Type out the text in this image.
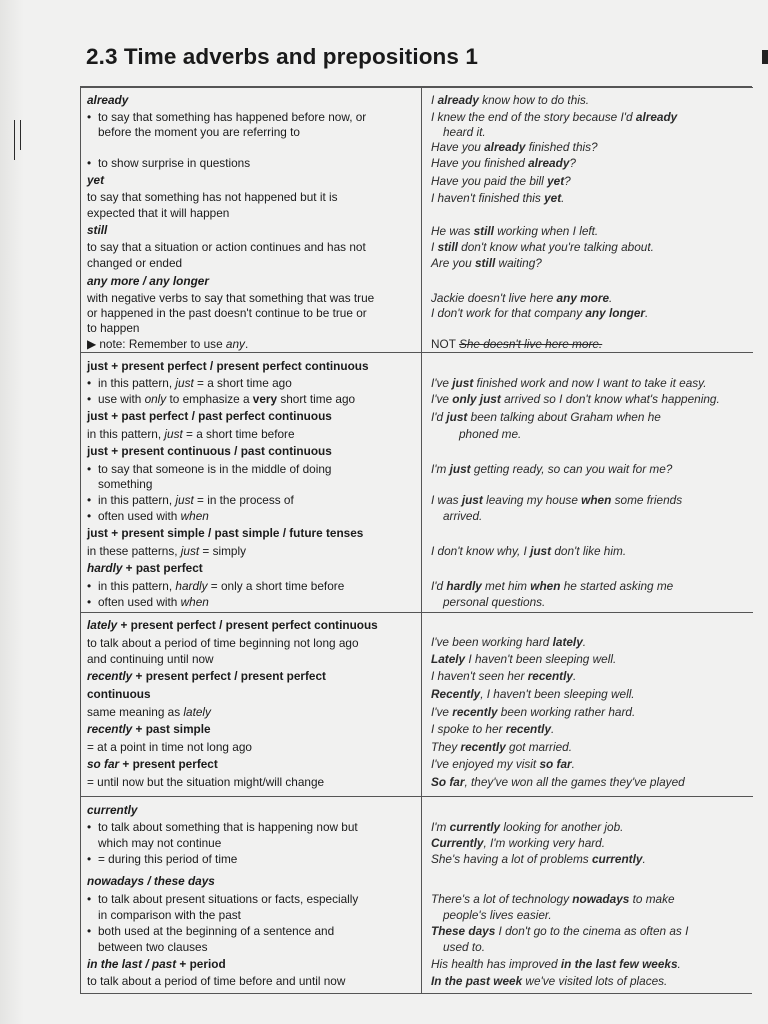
2.3 Time adverbs and prepositions 1
already
• to say that something has happened before now, or
before the moment you are referring to
• to show surprise in questions
I already know how to do this.
I knew the end of the story because I'd already
heard it.
Have you already finished this?
Have you finished already?
yet
to say that something has not happened but it is
expected that it will happen
Have you paid the bill yet?
I haven't finished this yet.
still
to say that a situation or action continues and has not
changed or ended
He was still working when I left.
I still don't know what you're talking about.
Are you still waiting?
any more / any longer
with negative verbs to say that something that was true
or happened in the past doesn't continue to be true or
to happen
▶ note: Remember to use any.
Jackie doesn't live here any more.
I don't work for that company any longer.
NOT She doesn't live here more.
just + present perfect / present perfect continuous
• in this pattern, just = a short time ago
• use with only to emphasize a very short time ago
I've just finished work and now I want to take it easy.
I've only just arrived so I don't know what's happening.
just + past perfect / past perfect continuous
in this pattern, just = a short time before
I'd just been talking about Graham when he
phoned me.
just + present continuous / past continuous
• to say that someone is in the middle of doing
something
• in this pattern, just = in the process of
• often used with when
I'm just getting ready, so can you wait for me?
I was just leaving my house when some friends
arrived.
just + present simple / past simple / future tenses
in these patterns, just = simply	I don't know why, I just don't like him.
hardly + past perfect
• in this pattern, hardly = only a short time before
• often used with when
I'd hardly met him when he started asking me
personal questions.
lately + present perfect / present perfect continuous
to talk about a period of time beginning not long ago
and continuing until now
I've been working hard lately.
Lately I haven't been sleeping well.
recently + present perfect / present perfect
continuous
same meaning as lately
I haven't seen her recently.
Recently, I haven't been sleeping well.
I've recently been working rather hard.
recently + past simple
= at a point in time not long ago
I spoke to her recently.
They recently got married.
so far + present perfect
= until now but the situation might/will change
I've enjoyed my visit so far.
So far, they've won all the games they've played
currently
• to talk about something that is happening now but
which may not continue
• = during this period of time
I'm currently looking for another job.
Currently, I'm working very hard.
She's having a lot of problems currently.
nowadays / these days
• to talk about present situations or facts, especially
in comparison with the past
• both used at the beginning of a sentence and
between two clauses
There's a lot of technology nowadays to make
people's lives easier.
These days I don't go to the cinema as often as I
used to.
in the last / past + period
to talk about a period of time before and until now
His health has improved in the last few weeks.
In the past week we've visited lots of places.
